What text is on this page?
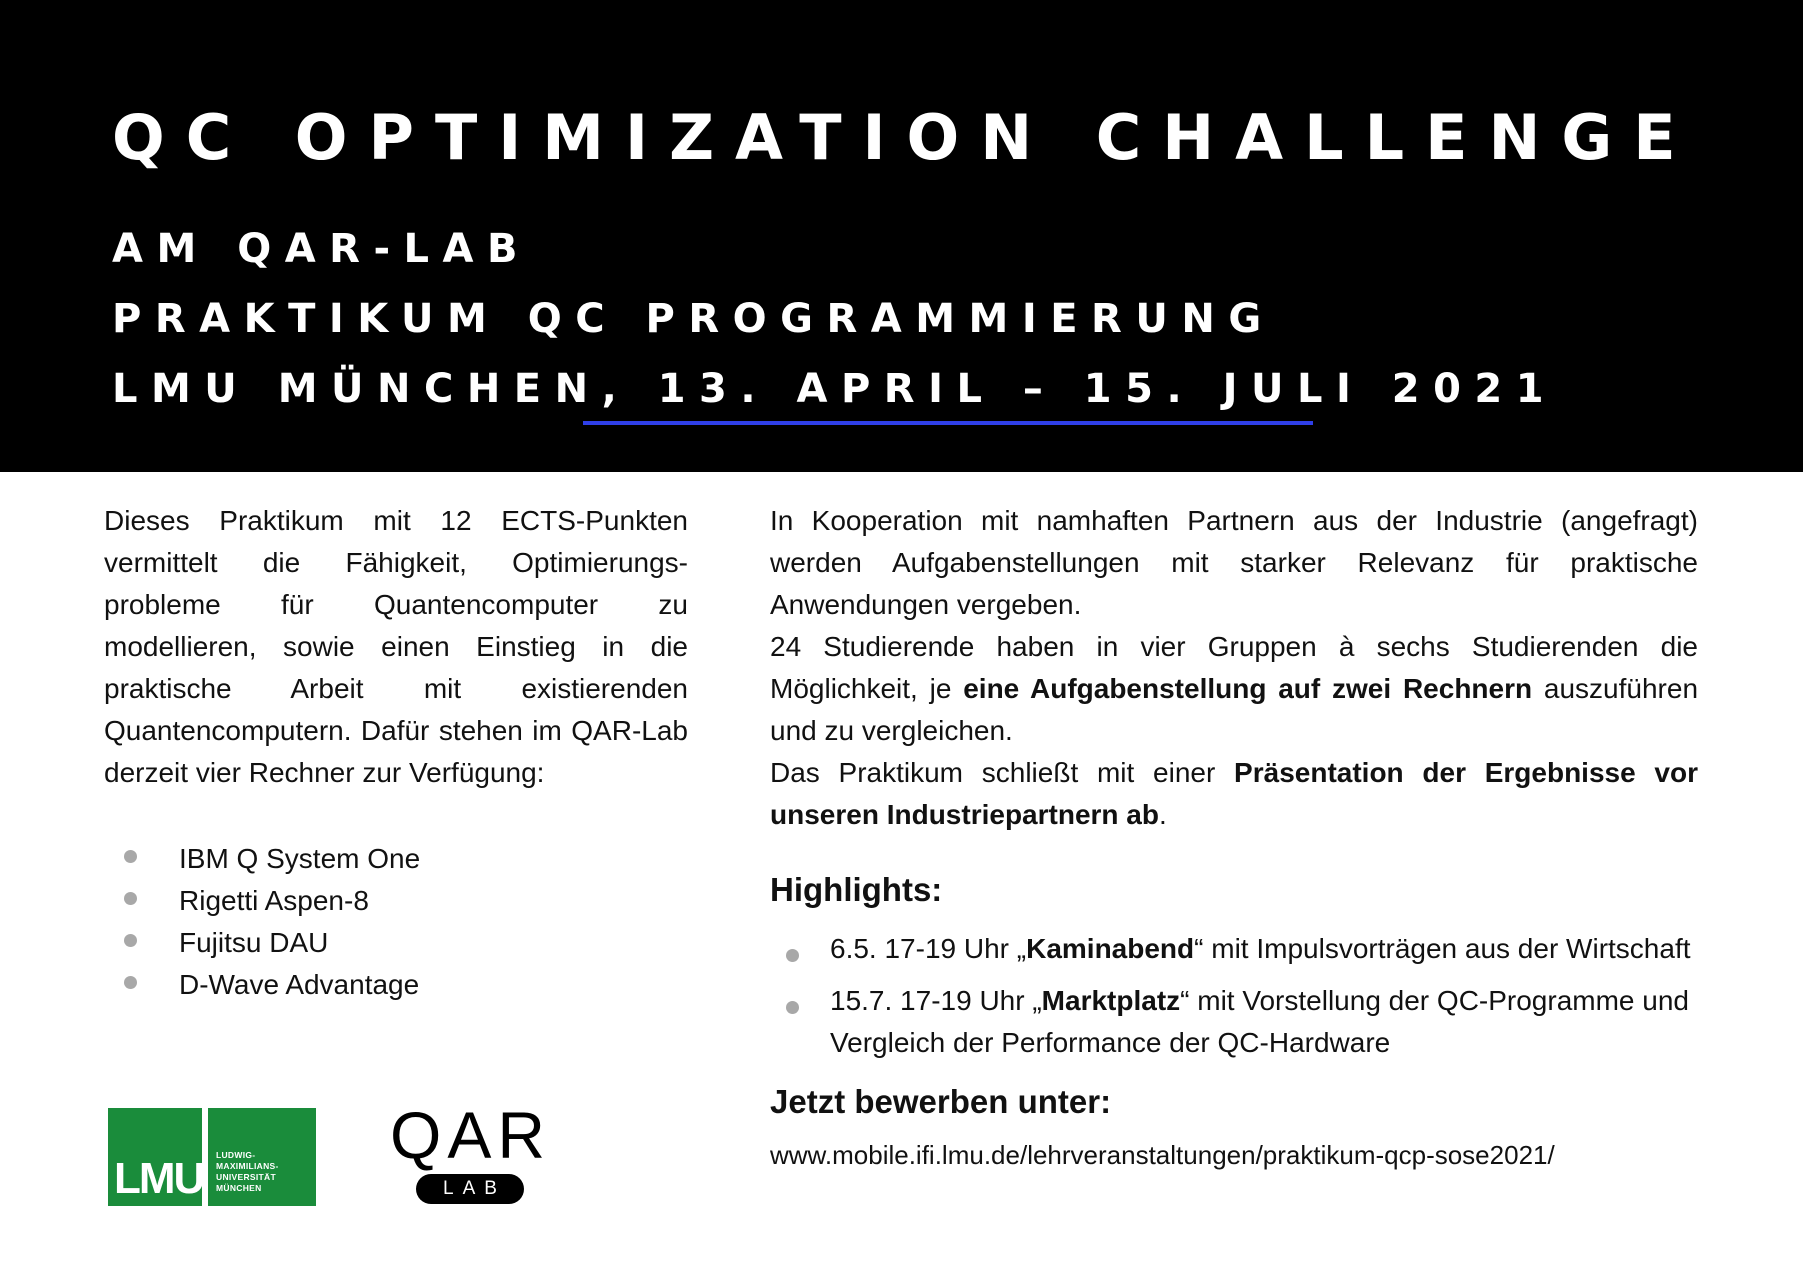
QC OPTIMIZATION CHALLENGE
AM QAR-LAB
PRAKTIKUM QC PROGRAMMIERUNG
LMU MÜNCHEN, 13. APRIL – 15. JULI 2021

Dieses Praktikum mit 12 ECTS-Punkten vermittelt die Fähigkeit, Optimierungs-probleme für Quantencomputer zu modellieren, sowie einen Einstieg in die praktische Arbeit mit existierenden Quantencomputern. Dafür stehen im QAR-Lab derzeit vier Rechner zur Verfügung:

IBM Q System One
Rigetti Aspen-8
Fujitsu DAU
D-Wave Advantage

In Kooperation mit namhaften Partnern aus der Industrie (angefragt) werden Aufgabenstellungen mit starker Relevanz für praktische Anwendungen vergeben.

24 Studierende haben in vier Gruppen à sechs Studierenden die Möglichkeit, je eine Aufgabenstellung auf zwei Rechnern auszuführen und zu vergleichen.

Das Praktikum schließt mit einer Präsentation der Ergebnisse vor unseren Industriepartnern ab.

Highlights:
6.5. 17-19 Uhr „Kaminabend“ mit Impulsvorträgen aus der Wirtschaft
15.7. 17-19 Uhr „Marktplatz“ mit Vorstellung der QC-Programme und Vergleich der Performance der QC-Hardware
Jetzt bewerben unter:

www.mobile.ifi.lmu.de/lehrveranstaltungen/praktikum-qcp-sose2021/

LMU LUDWIG-
MAXIMILIANS-
UNIVERSITÄT
MÜNCHEN
QAR
LAB
